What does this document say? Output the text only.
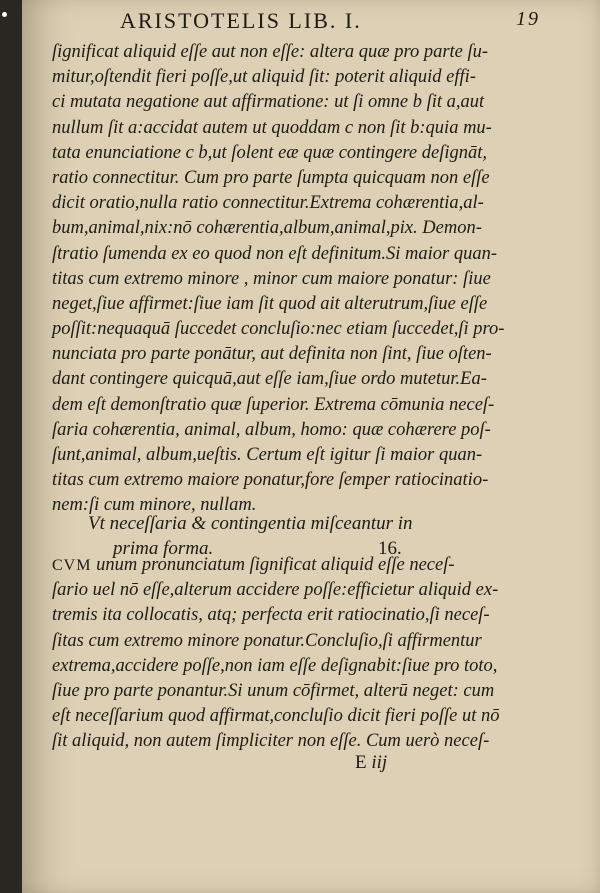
ARISTOTELIS LIB. I.	19
ſignificat aliquid eſſe aut non eſſe: altera quæ pro parte ſu-
mitur,oſtendit fieri poſſe,ut aliquid ſit: poterit aliquid effi-
ci mutata negatione aut affirmatione: ut ſi omne b ſit a,aut
nullum ſit a:accidat autem ut quoddam c non ſit b:quia mu-
tata enunciatione c b,ut ſolent eæ quæ contingere deſignāt,
ratio connectitur. Cum pro parte ſumpta quicquam non eſſe
dicit oratio,nulla ratio connectitur.Extrema cohærentia,al-
bum,animal,nix:nō cohærentia,album,animal,pix. Demon-
ſtratio ſumenda ex eo quod non eſt definitum.Si maior quan-
titas cum extremo minore , minor cum maiore ponatur: ſiue
neget,ſiue affirmet:ſiue iam ſit quod ait alterutrum,ſiue eſſe
poſſit:nequaquā ſuccedet concluſio:nec etiam ſuccedet,ſi pro-
nunciata pro parte ponātur, aut definita non ſint, ſiue oſten-
dant contingere quicquā,aut eſſe iam,ſiue ordo mutetur.Ea-
dem eſt demonſtratio quæ ſuperior. Extrema cōmunia neceſ-
ſaria cohærentia, animal, album, homo: quæ cohærere poſ-
ſunt,animal, album,ueſtis. Certum eſt igitur ſi maior quan-
titas cum extremo maiore ponatur,fore ſemper ratiocinatio-
nem:ſi cum minore, nullam.
Vt neceſſaria & contingentia miſceantur in
prima forma.	16.
CVM unum pronunciatum ſignificat aliquid eſſe neceſ-
ſario uel nō eſſe,alterum accidere poſſe:efficietur aliquid ex-
tremis ita collocatis, atq; perfecta erit ratiocinatio,ſi neceſ-
ſitas cum extremo minore ponatur.Concluſio,ſi affirmentur
extrema,accidere poſſe,non iam eſſe deſignabit:ſiue pro toto,
ſiue pro parte ponantur.Si unum cōfirmet, alterū neget: cum
eſt neceſſarium quod affirmat,concluſio dicit fieri poſſe ut nō
ſit aliquid, non autem ſimpliciter non eſſe. Cum uerò neceſ-
E iij
